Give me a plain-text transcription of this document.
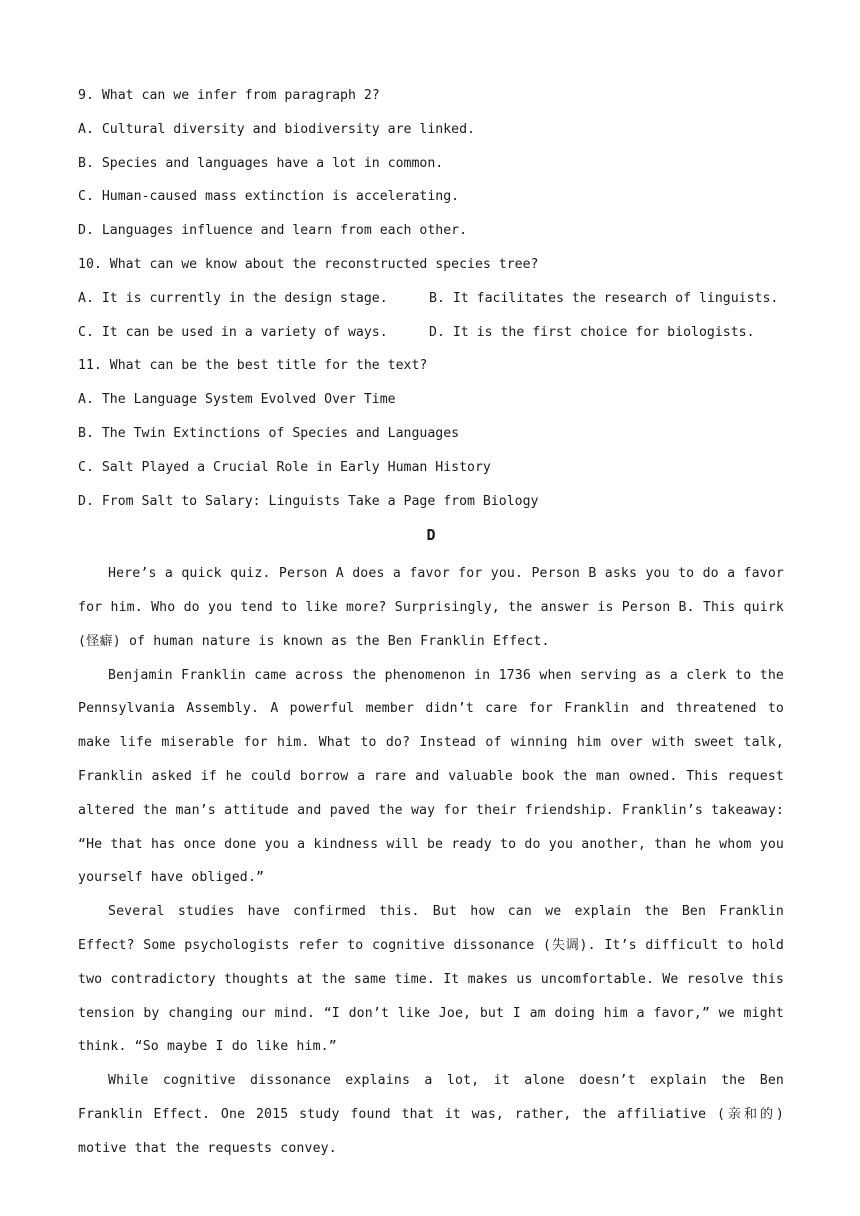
9. What can we infer from paragraph 2?
A. Cultural diversity and biodiversity are linked.
B. Species and languages have a lot in common.
C. Human-caused mass extinction is accelerating.
D. Languages influence and learn from each other.
10. What can we know about the reconstructed species tree?
A. It is currently in the design stage.	B. It facilitates the research of linguists.
C. It can be used in a variety of ways.	D. It is the first choice for biologists.
11. What can be the best title for the text?
A. The Language System Evolved Over Time
B. The Twin Extinctions of Species and Languages
C. Salt Played a Crucial Role in Early Human History
D. From Salt to Salary: Linguists Take a Page from Biology
D

Here’s a quick quiz. Person A does a favor for you. Person B asks you to do a favor for him. Who do you tend to like more? Surprisingly, the answer is Person B. This quirk (怪癖) of human nature is known as the Ben Franklin Effect.

Benjamin Franklin came across the phenomenon in 1736 when serving as a clerk to the Pennsylvania Assembly. A powerful member didn’t care for Franklin and threatened to make life miserable for him. What to do? Instead of winning him over with sweet talk, Franklin asked if he could borrow a rare and valuable book the man owned. This request altered the man’s attitude and paved the way for their friendship. Franklin’s takeaway: “He that has once done you a kindness will be ready to do you another, than he whom you yourself have obliged.”

Several studies have confirmed this. But how can we explain the Ben Franklin Effect? Some psychologists refer to cognitive dissonance (失调). It’s difficult to hold two contradictory thoughts at the same time. It makes us uncomfortable. We resolve this tension by changing our mind. “I don’t like Joe, but I am doing him a favor,” we might think. “So maybe I do like him.”

While cognitive dissonance explains a lot, it alone doesn’t explain the Ben Franklin Effect. One 2015 study found that it was, rather, the affiliative (亲和的) motive that the requests convey.
